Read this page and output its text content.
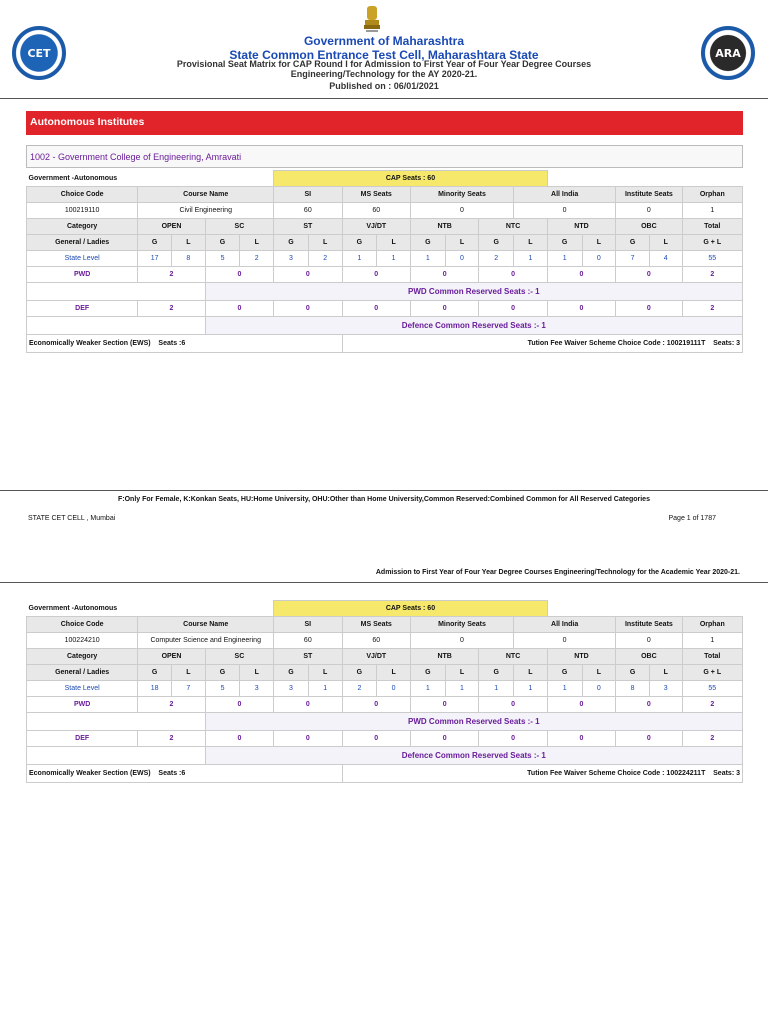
CET
Government of Maharashtra
State Common Entrance Test Cell, Maharashtara State
Provisional Seat Matrix for CAP Round I for Admission to First Year of Four Year Degree Courses
Engineering/Technology for the AY 2020-21.
Published on : 06/01/2021
ARA
Autonomous Institutes
1002 - Government College of Engineering, Amravati
Government -Autonomous					CAP Seats : 60												
Choice Code	Course Name				SI		MS Seats		Minority Seats			All India			Institute Seats		Orphan
100219110	Civil Engineering				60		60		0			0			0		1
Category	OPEN		SC		ST		VJ/DT		NTB		NTC		NTD		OBC		Total
General / Ladies	G	L	G	L	G	L	G	L	G	L	G	L	G	L	G	L	G + L
State Level	17	8	5	2	3	2	1	1	1	0	2	1	1	0	7	4	55
PWD	2		0		0		0		0		0		0		0		2
			PWD Common Reserved Seats :- 1														
DEF	2		0		0		0		0		0		0		0		2
			Defence Common Reserved Seats :- 1														
Economically Weaker Section (EWS) Seats :6							Tution Fee Waiver Scheme Choice Code : 100219111T Seats: 3										
F:Only For Female, K:Konkan Seats, HU:Home University, OHU:Other than Home University,Common Reserved:Combined Common for All Reserved Categories
STATE CET CELL , Mumbai	Page 1 of 1787
Admission to First Year of Four Year Degree Courses Engineering/Technology for the Academic Year 2020-21.
Government -Autonomous					CAP Seats : 60												
Choice Code	Course Name				SI		MS Seats		Minority Seats			All India			Institute Seats		Orphan
100224210	Computer Science and Engineering				60		60		0			0			0		1
Category	OPEN		SC		ST		VJ/DT		NTB		NTC		NTD		OBC		Total
General / Ladies	G	L	G	L	G	L	G	L	G	L	G	L	G	L	G	L	G + L
State Level	18	7	5	3	3	1	2	0	1	1	1	1	1	0	8	3	55
PWD	2		0		0		0		0		0		0		0		2
			PWD Common Reserved Seats :- 1														
DEF	2		0		0		0		0		0		0		0		2
			Defence Common Reserved Seats :- 1														
Economically Weaker Section (EWS) Seats :6							Tution Fee Waiver Scheme Choice Code : 100224211T Seats: 3										
